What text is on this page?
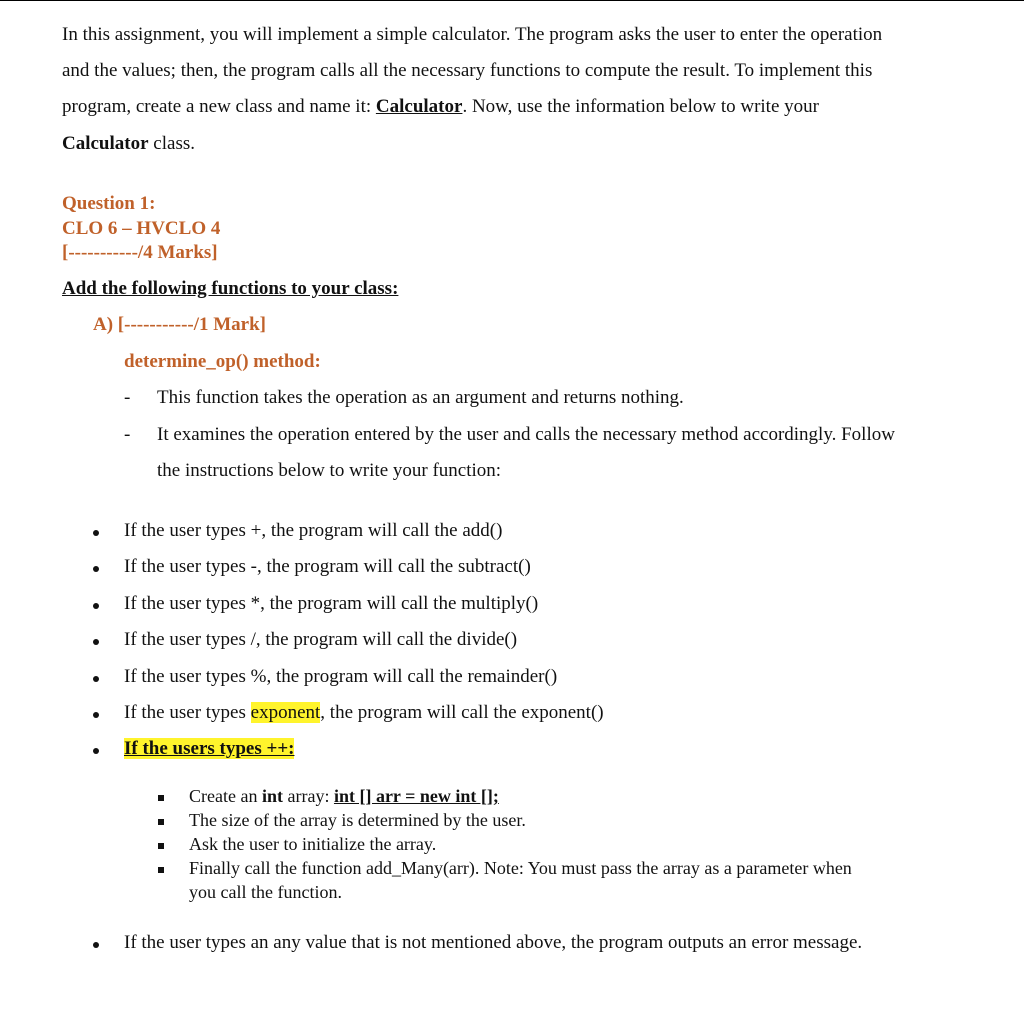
In this assignment, you will implement a simple calculator. The program asks the user to enter the operation
and the values; then, the program calls all the necessary functions to compute the result. To implement this
program, create a new class and name it: Calculator. Now, use the information below to write your
Calculator class.
Question 1:
CLO 6 – HVCLO 4
[-----------/4 Marks]
Add the following functions to your class:
A) [-----------/1 Mark]
determine_op() method:
- This function takes the operation as an argument and returns nothing.
- It examines the operation entered by the user and calls the necessary method accordingly. Follow
the instructions below to write your function:
If the user types +, the program will call the add()
If the user types -, the program will call the subtract()
If the user types *, the program will call the multiply()
If the user types /, the program will call the divide()
If the user types %, the program will call the remainder()
If the user types exponent, the program will call the exponent()
If the users types ++:
Create an int array: int [] arr = new int [];
The size of the array is determined by the user.
Ask the user to initialize the array.
Finally call the function add_Many(arr). Note: You must pass the array as a parameter when
you call the function.
If the user types an any value that is not mentioned above, the program outputs an error message.
